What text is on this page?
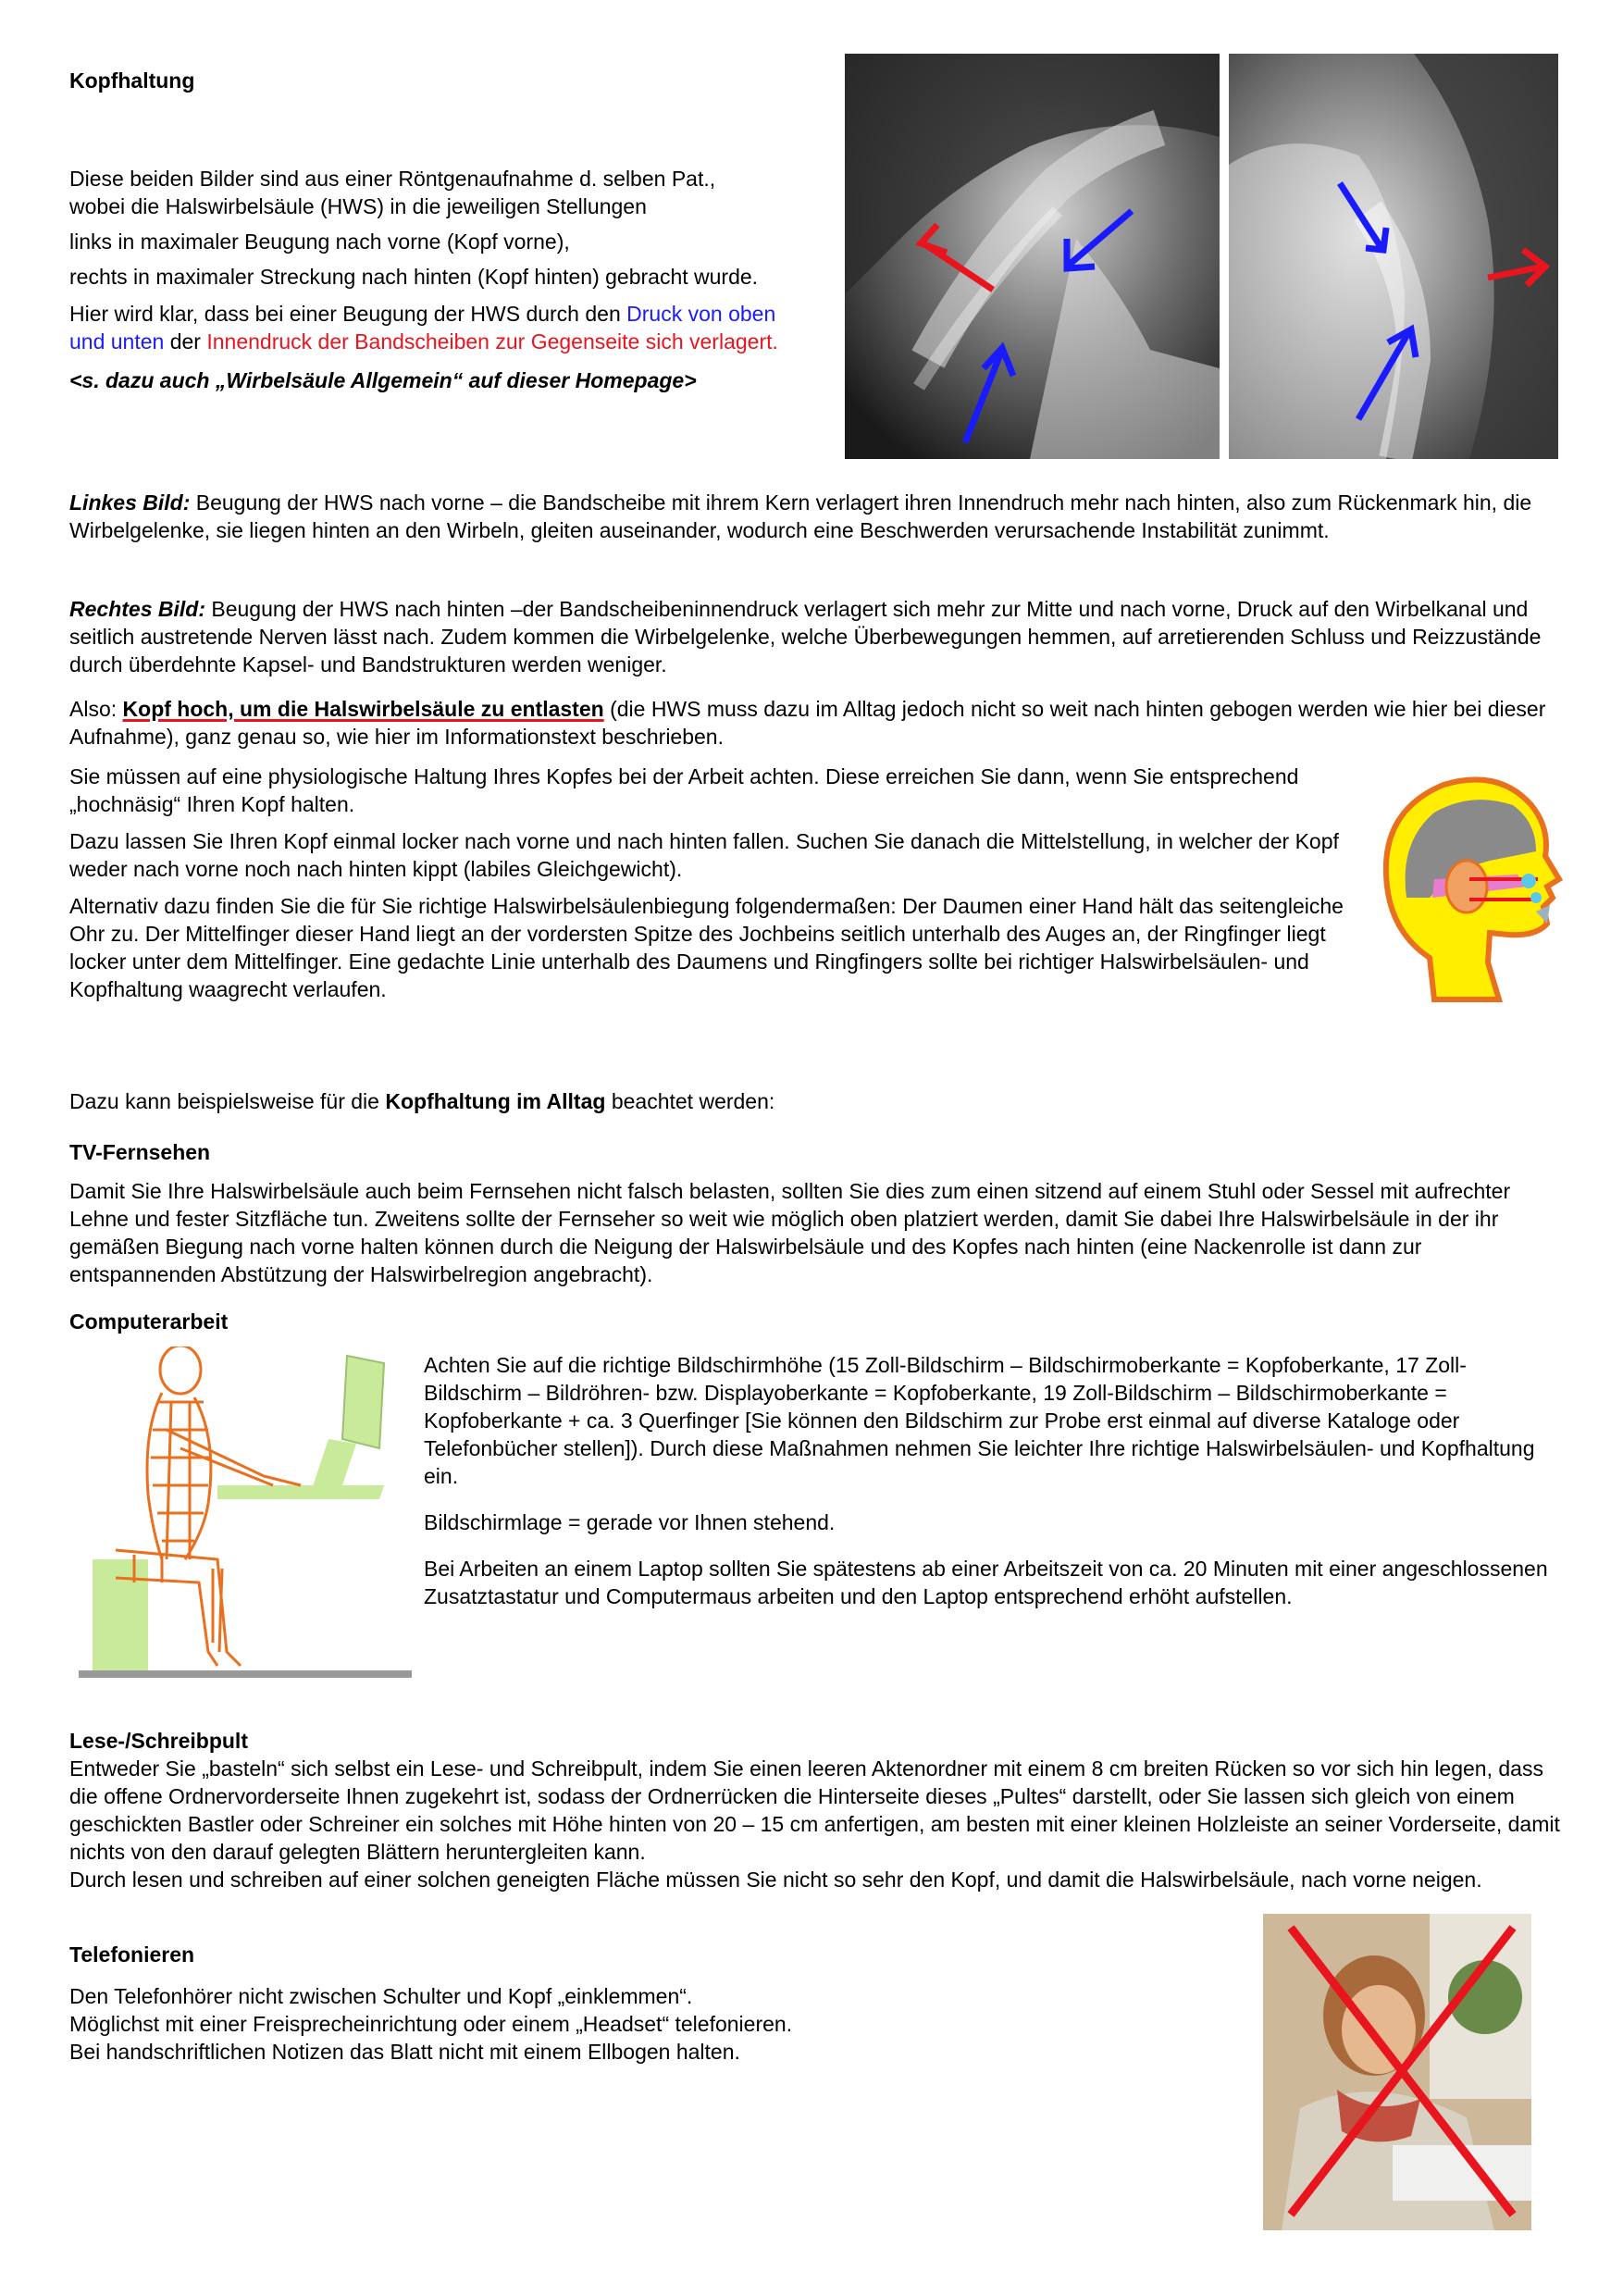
Kopfhaltung

Diese beiden Bilder sind aus einer Röntgenaufnahme d. selben Pat.,

wobei die Halswirbelsäule (HWS) in die jeweiligen Stellungen

links in maximaler Beugung nach vorne (Kopf vorne),

rechts in maximaler Streckung nach hinten (Kopf hinten) gebracht wurde.

Hier wird klar, dass bei einer Beugung der HWS durch den Druck von oben und unten der Innendruck der Bandscheiben zur Gegenseite sich verlagert.

<s. dazu auch „Wirbelsäule Allgemein“ auf dieser Homepage>

Linkes Bild: Beugung der HWS nach vorne – die Bandscheibe mit ihrem Kern verlagert ihren Innendruch mehr nach hinten, also zum Rückenmark hin, die Wirbelgelenke, sie liegen hinten an den Wirbeln, gleiten auseinander, wodurch eine Beschwerden verursachende Instabilität zunimmt.

Rechtes Bild: Beugung der HWS nach hinten –der Bandscheibeninnendruck verlagert sich mehr zur Mitte und nach vorne, Druck auf den Wirbelkanal und seitlich austretende Nerven lässt nach. Zudem kommen die Wirbelgelenke, welche Überbewegungen hemmen, auf arretierenden Schluss und Reizzustände durch überdehnte Kapsel- und Bandstrukturen werden weniger.

Also: Kopf hoch, um die Halswirbelsäule zu entlasten (die HWS muss dazu im Alltag jedoch nicht so weit nach hinten gebogen werden wie hier bei dieser Aufnahme), ganz genau so, wie hier im Informationstext beschrieben.

Sie müssen auf eine physiologische Haltung Ihres Kopfes bei der Arbeit achten. Diese erreichen Sie dann, wenn Sie entsprechend „hochnäsig“ Ihren Kopf halten.

Dazu lassen Sie Ihren Kopf einmal locker nach vorne und nach hinten fallen. Suchen Sie danach die Mittelstellung, in welcher der Kopf weder nach vorne noch nach hinten kippt (labiles Gleichgewicht).

Alternativ dazu finden Sie die für Sie richtige Halswirbelsäulenbiegung folgendermaßen: Der Daumen einer Hand hält das seitengleiche Ohr zu. Der Mittelfinger dieser Hand liegt an der vordersten Spitze des Jochbeins seitlich unterhalb des Auges an, der Ringfinger liegt locker unter dem Mittelfinger. Eine gedachte Linie unterhalb des Daumens und Ringfingers sollte bei richtiger Halswirbelsäulen- und Kopfhaltung waagrecht verlaufen.

Dazu kann beispielsweise für die Kopfhaltung im Alltag beachtet werden:

TV-Fernsehen

Damit Sie Ihre Halswirbelsäule auch beim Fernsehen nicht falsch belasten, sollten Sie dies zum einen sitzend auf einem Stuhl oder Sessel mit aufrechter Lehne und fester Sitzfläche tun. Zweitens sollte der Fernseher so weit wie möglich oben platziert werden, damit Sie dabei Ihre Halswirbelsäule in der ihr gemäßen Biegung nach vorne halten können durch die Neigung der Halswirbelsäule und des Kopfes nach hinten (eine Nackenrolle ist dann zur entspannenden Abstützung der Halswirbelregion angebracht).

Computerarbeit

Achten Sie auf die richtige Bildschirmhöhe (15 Zoll-Bildschirm – Bildschirmoberkante = Kopfoberkante, 17 Zoll-Bildschirm – Bildröhren- bzw. Displayoberkante = Kopfoberkante, 19 Zoll-Bildschirm – Bildschirmoberkante = Kopfoberkante + ca. 3 Querfinger [Sie können den Bildschirm zur Probe erst einmal auf diverse Kataloge oder Telefonbücher stellen]). Durch diese Maßnahmen nehmen Sie leichter Ihre richtige Halswirbelsäulen- und Kopfhaltung ein.

Bildschirmlage = gerade vor Ihnen stehend.

Bei Arbeiten an einem Laptop sollten Sie spätestens ab einer Arbeitszeit von ca. 20 Minuten mit einer angeschlossenen Zusatztastatur und Computermaus arbeiten und den Laptop entsprechend erhöht aufstellen.

Lese-/Schreibpult

Entweder Sie „basteln“ sich selbst ein Lese- und Schreibpult, indem Sie einen leeren Aktenordner mit einem 8 cm breiten Rücken so vor sich hin legen, dass die offene Ordnervorderseite Ihnen zugekehrt ist, sodass der Ordnerrücken die Hinterseite dieses „Pultes“ darstellt, oder Sie lassen sich gleich von einem geschickten Bastler oder Schreiner ein solches mit Höhe hinten von 20 – 15 cm anfertigen, am besten mit einer kleinen Holzleiste an seiner Vorderseite, damit nichts von den darauf gelegten Blättern heruntergleiten kann.

Durch lesen und schreiben auf einer solchen geneigten Fläche müssen Sie nicht so sehr den Kopf, und damit die Halswirbelsäule, nach vorne neigen.

Telefonieren

Den Telefonhörer nicht zwischen Schulter und Kopf „einklemmen“.

Möglichst mit einer Freisprecheinrichtung oder einem „Headset“ telefonieren.

Bei handschriftlichen Notizen das Blatt nicht mit einem Ellbogen halten.
